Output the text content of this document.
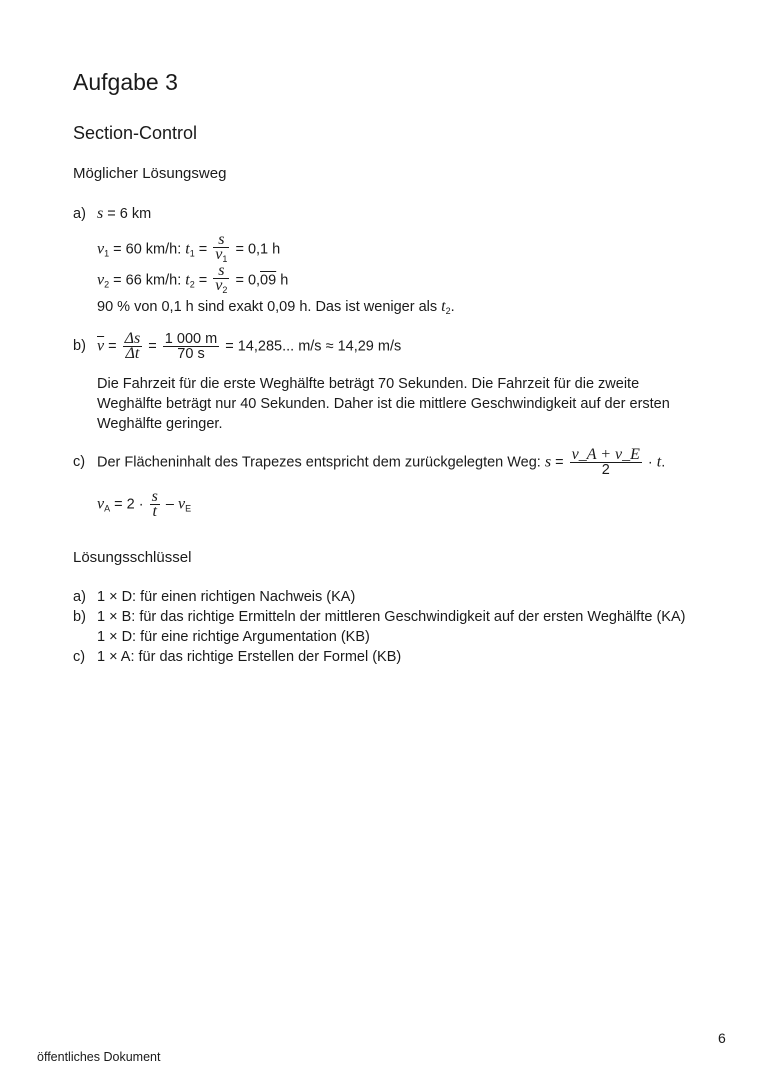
Aufgabe 3
Section-Control
Möglicher Lösungsweg
a) s = 6 km
$v_1 = 60$ km/h: $t_1 = \frac{s}{v_1} = 0,1$ h
$v_2 = 66$ km/h: $t_2 = \frac{s}{v_2} = 0,09$ h
90 % von 0,1 h sind exakt 0,09 h. Das ist weniger als $t_2$.
b) $\overline{v} = \frac{\Delta s}{\Delta t} = \frac{1 000 m}{70 s} = 14,285$... m/s ≈ 14,29 m/s
Die Fahrzeit für die erste Weghälfte beträgt 70 Sekunden. Die Fahrzeit für die zweite Weghälfte beträgt nur 40 Sekunden. Daher ist die mittlere Geschwindigkeit auf der ersten Weghälfte geringer.
c) Der Flächeninhalt des Trapezes entspricht dem zurückgelegten Weg: $s = \frac{v\_A + v\_E}{2} \cdot t$.
$v_A = 2 \cdot \frac{s}{t} - v_E$
Lösungsschlüssel
a) 1 × D: für einen richtigen Nachweis (KA)
b) 1 × B: für das richtige Ermitteln der mittleren Geschwindigkeit auf der ersten Weghälfte (KA)
1 × D: für eine richtige Argumentation (KB)
c) 1 × A: für das richtige Erstellen der Formel (KB)
6
öffentliches Dokument
